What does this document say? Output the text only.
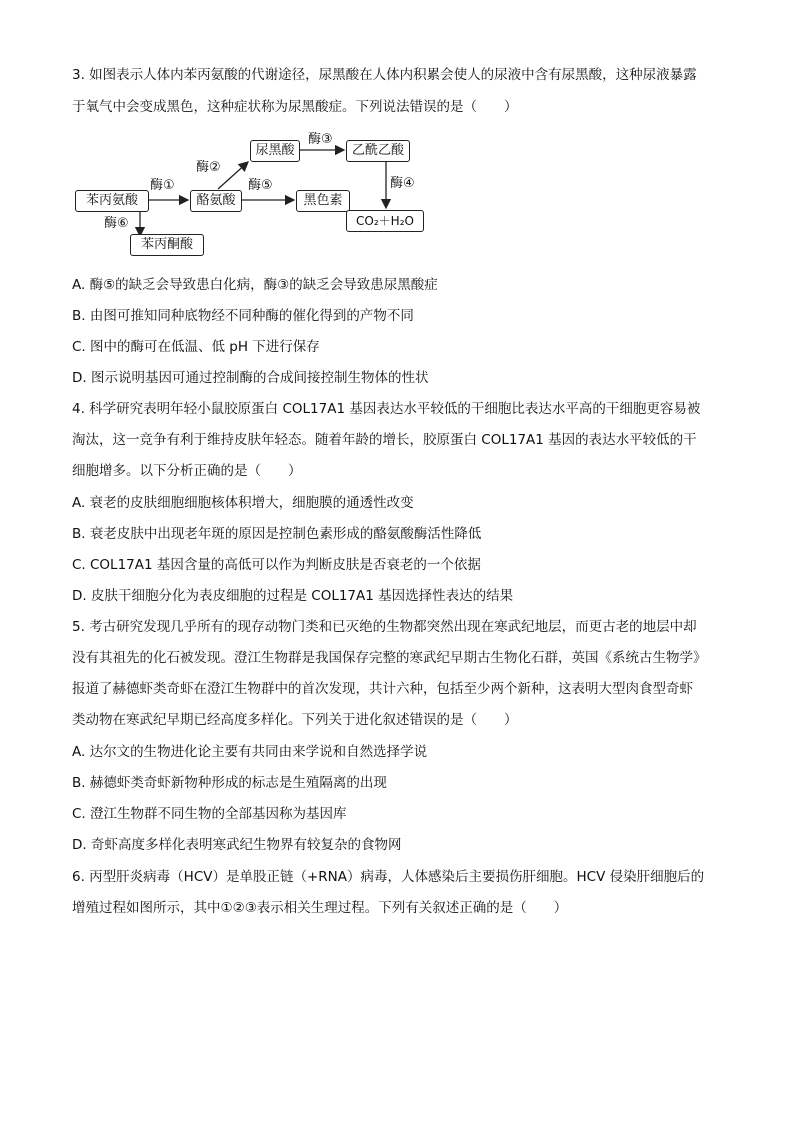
3. 如图表示人体内苯丙氨酸的代谢途径，尿黑酸在人体内积累会使人的尿液中含有尿黑酸，这种尿液暴露
于氧气中会变成黑色，这种症状称为尿黑酸症。下列说法错误的是（　　）
苯丙氨酸	酪氨酸
尿黑酸	乙酰乙酸
黑色素
CO₂＋H₂O
苯丙酮酸
酶①
酶②
酶③
酶④
酶⑤
酶⑥
A. 酶⑤的缺乏会导致患白化病，酶③的缺乏会导致患尿黑酸症
B. 由图可推知同种底物经不同种酶的催化得到的产物不同
C. 图中的酶可在低温、低 pH 下进行保存
D. 图示说明基因可通过控制酶的合成间接控制生物体的性状
4. 科学研究表明年轻小鼠胶原蛋白 COL17A1 基因表达水平较低的干细胞比表达水平高的干细胞更容易被
淘汰，这一竞争有利于维持皮肤年轻态。随着年龄的增长，胶原蛋白 COL17A1 基因的表达水平较低的干
细胞增多。以下分析正确的是（　　）
A. 衰老的皮肤细胞细胞核体积增大，细胞膜的通透性改变
B. 衰老皮肤中出现老年斑的原因是控制色素形成的酪氨酸酶活性降低
C. COL17A1 基因含量的高低可以作为判断皮肤是否衰老的一个依据
D. 皮肤干细胞分化为表皮细胞的过程是 COL17A1 基因选择性表达的结果
5. 考古研究发现几乎所有的现存动物门类和已灭绝的生物都突然出现在寒武纪地层，而更古老的地层中却
没有其祖先的化石被发现。澄江生物群是我国保存完整的寒武纪早期古生物化石群，英国《系统古生物学》
报道了赫德虾类奇虾在澄江生物群中的首次发现，共计六种，包括至少两个新种，这表明大型肉食型奇虾
类动物在寒武纪早期已经高度多样化。下列关于进化叙述错误的是（　　）
A. 达尔文的生物进化论主要有共同由来学说和自然选择学说
B. 赫德虾类奇虾新物种形成的标志是生殖隔离的出现
C. 澄江生物群不同生物的全部基因称为基因库
D. 奇虾高度多样化表明寒武纪生物界有较复杂的食物网
6. 丙型肝炎病毒（HCV）是单股正链（+RNA）病毒，人体感染后主要损伤肝细胞。HCV 侵染肝细胞后的
增殖过程如图所示，其中①②③表示相关生理过程。下列有关叙述正确的是（　　）
